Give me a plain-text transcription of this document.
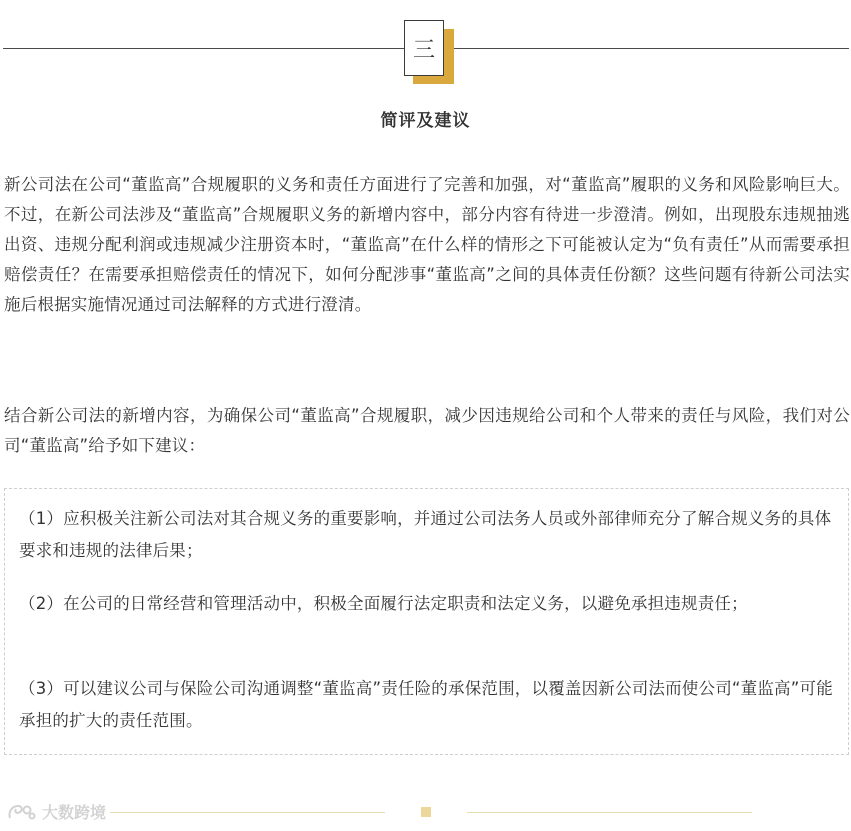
三
简评及建议

新公司法在公司“董监高”合规履职的义务和责任方面进行了完善和加强，对“董监高”履职的义务和风险影响巨大。不过，在新公司法涉及“董监高”合规履职义务的新增内容中，部分内容有待进一步澄清。例如，出现股东违规抽逃出资、违规分配利润或违规减少注册资本时，“董监高”在什么样的情形之下可能被认定为“负有责任”从而需要承担赔偿责任？在需要承担赔偿责任的情况下，如何分配涉事“董监高”之间的具体责任份额？这些问题有待新公司法实施后根据实施情况通过司法解释的方式进行澄清。

结合新公司法的新增内容，为确保公司“董监高”合规履职，减少因违规给公司和个人带来的责任与风险，我们对公司“董监高”给予如下建议：

（1）应积极关注新公司法对其合规义务的重要影响，并通过公司法务人员或外部律师充分了解合规义务的具体要求和违规的法律后果；

（2）在公司的日常经营和管理活动中，积极全面履行法定职责和法定义务，以避免承担违规责任；

（3）可以建议公司与保险公司沟通调整“董监高”责任险的承保范围，以覆盖因新公司法而使公司“董监高”可能承担的扩大的责任范围。

大数跨境
